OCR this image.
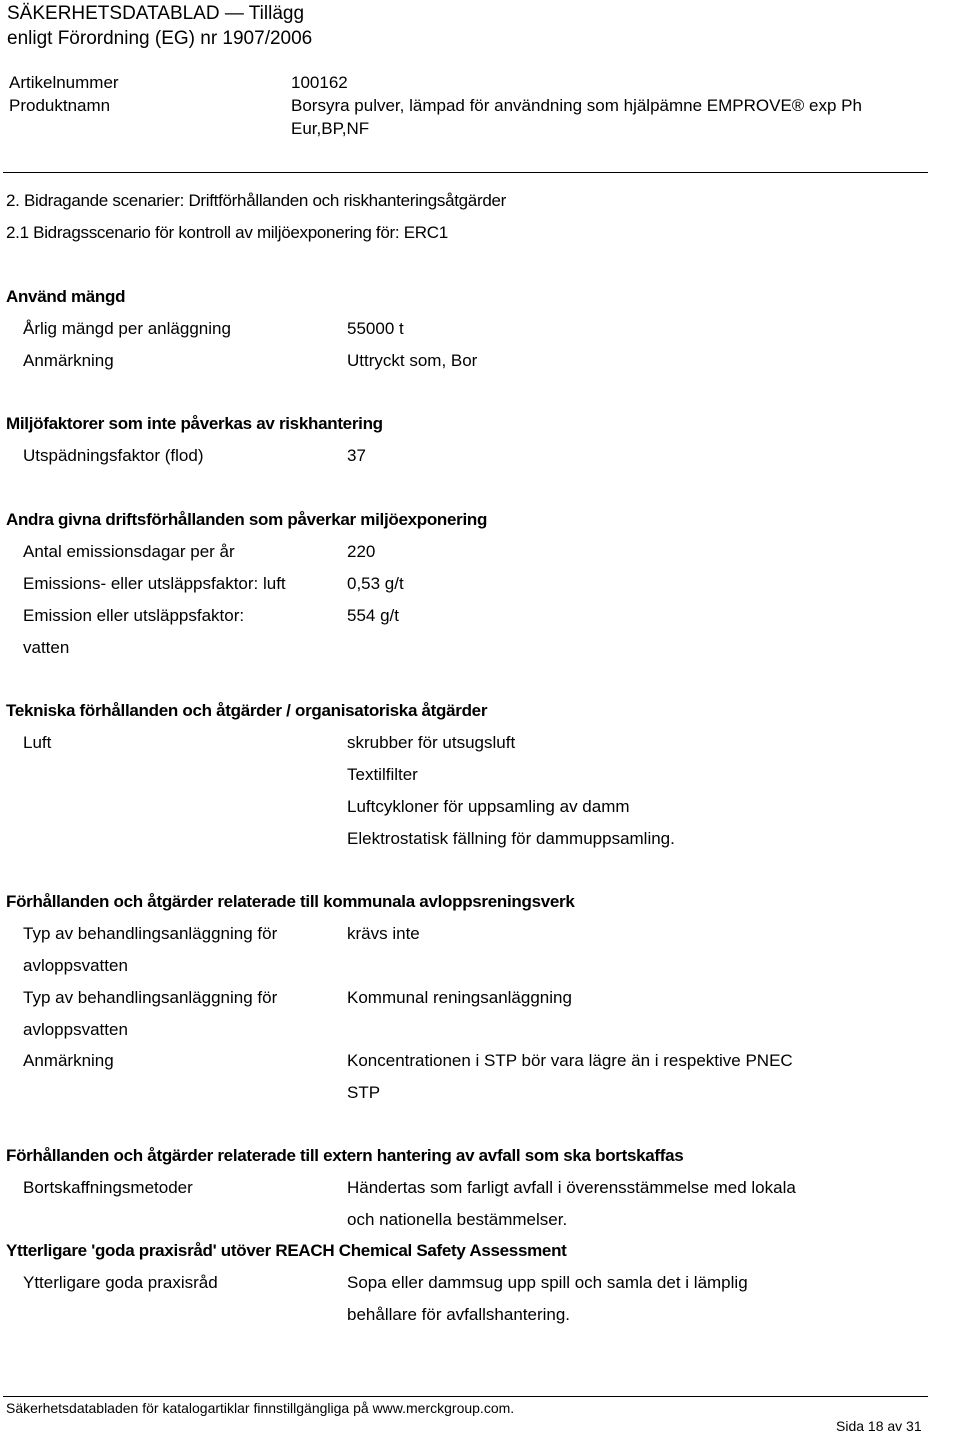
SÄKERHETSDATABLAD — Tillägg
enligt Förordning (EG) nr 1907/2006
Artikelnummer	100162
Produktnamn	Borsyra pulver, lämpad för användning som hjälpämne EMPROVE® exp Ph
Eur,BP,NF
2. Bidragande scenarier: Driftförhållanden och riskhanteringsåtgärder
2.1 Bidragsscenario för kontroll av miljöexponering för: ERC1
Använd mängd
Årlig mängd per anläggning	55000 t
Anmärkning	Uttryckt som, Bor
Miljöfaktorer som inte påverkas av riskhantering
Utspädningsfaktor (flod)	37
Andra givna driftsförhållanden som påverkar miljöexponering
Antal emissionsdagar per år	220
Emissions- eller utsläppsfaktor: luft	0,53 g/t
Emission eller utsläppsfaktor:	554 g/t
vatten
Tekniska förhållanden och åtgärder / organisatoriska åtgärder
Luft	skrubber för utsugsluft
Textilfilter
Luftcykloner för uppsamling av damm
Elektrostatisk fällning för dammuppsamling.
Förhållanden och åtgärder relaterade till kommunala avloppsreningsverk
Typ av behandlingsanläggning för	krävs inte
avloppsvatten
Typ av behandlingsanläggning för	Kommunal reningsanläggning
avloppsvatten
Anmärkning	Koncentrationen i STP bör vara lägre än i respektive PNEC
STP
Förhållanden och åtgärder relaterade till extern hantering av avfall som ska bortskaffas
Bortskaffningsmetoder	Händertas som farligt avfall i överensstämmelse med lokala
och nationella bestämmelser.
Ytterligare 'goda praxisråd' utöver REACH Chemical Safety Assessment
Ytterligare goda praxisråd	Sopa eller dammsug upp spill och samla det i lämplig
behållare för avfallshantering.
Säkerhetsdatabladen för katalogartiklar finnstillgängliga på www.merckgroup.com.
Sida 18 av 31
